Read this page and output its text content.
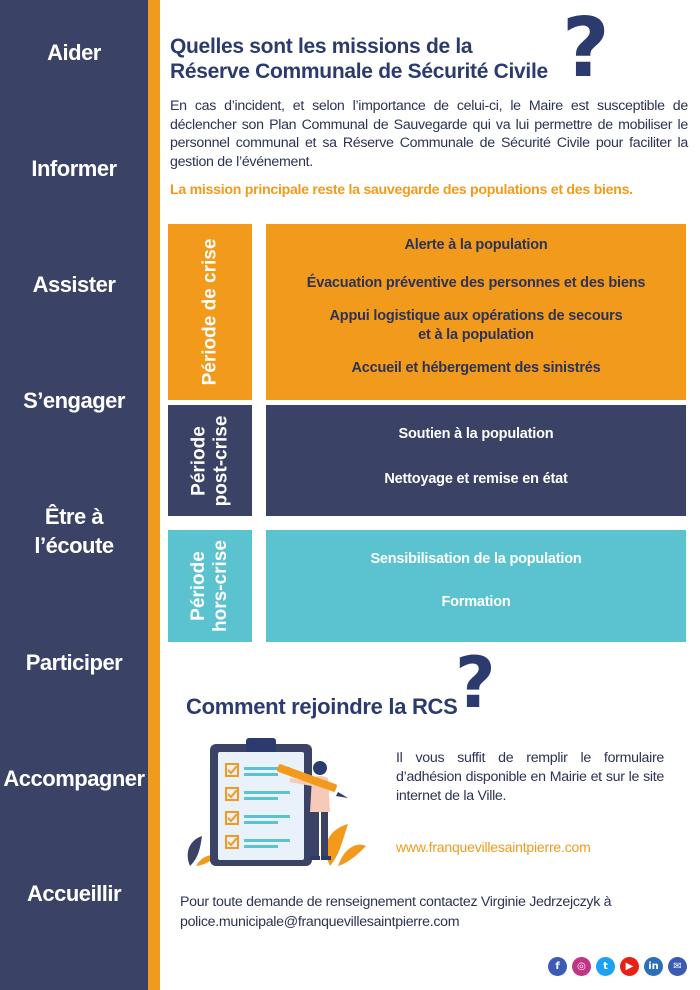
Aider
Informer
Assister
S’engager
Être à
l’écoute
Participer
Accompagner
Accueillir
Quelles sont les missions de la
Réserve Communale de Sécurité Civile ?
En cas d’incident, et selon l’importance de celui-ci, le Maire est susceptible de déclencher son Plan Communal de Sauvegarde qui va lui permettre de mobiliser le personnel communal et sa Réserve Communale de Sécurité Civile pour faciliter la gestion de l’événement.
La mission principale reste la sauvegarde des populations et des biens.
Période de crise	Alerte à la population
Évacuation préventive des personnes et des biens
Appui logistique aux opérations de secours
et à la population
Accueil et hébergement des sinistrés
Période post-crise	Soutien à la population
Nettoyage et remise en état
Période hors-crise	Sensibilisation de la population
Formation
Comment rejoindre la RCS
?
Il vous suffit de remplir le formulaire d’adhésion disponible en Mairie et sur le site internet de la Ville.
www.franquevillesaintpierre.com
Pour toute demande de renseignement contactez Virginie Jedrzejczyk à
police.municipale@franquevillesaintpierre.com
f	◎	t	▶	in	✉
